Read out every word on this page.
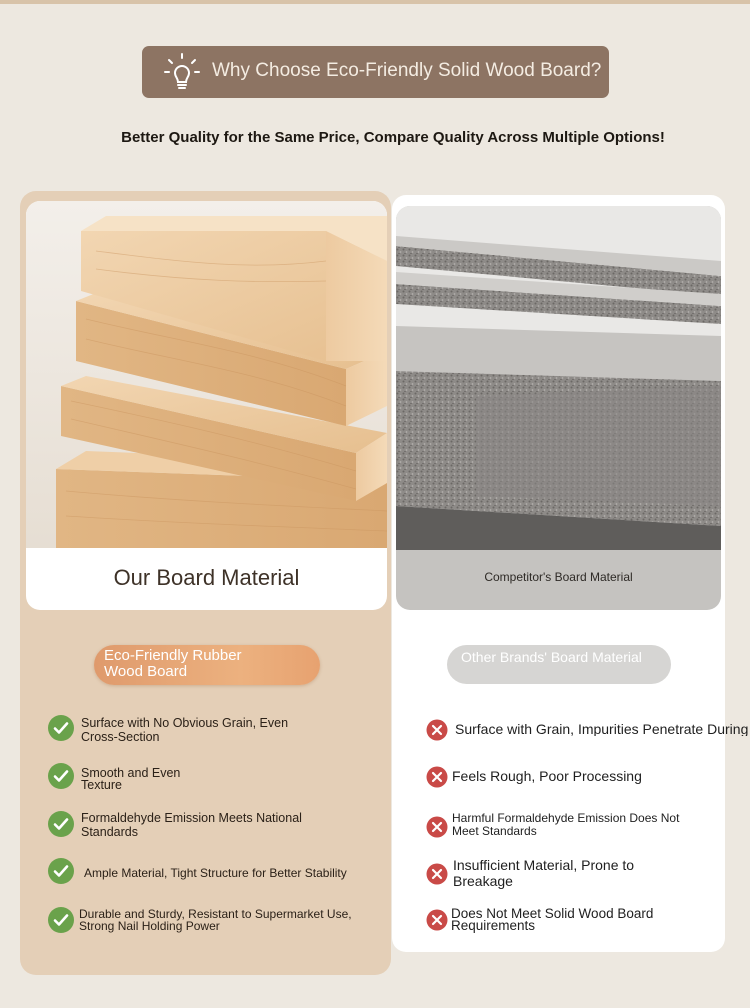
Why Choose Eco-Friendly Solid Wood Board?
Better Quality for the Same Price, Compare Quality Across Multiple Options!
Our Board Material	Competitor's Board Material
Eco-Friendly Rubber Wood Board
Other Brands' Board Material
Surface with No Obvious Grain, Even Cross-Section
Smooth and Even Texture
Formaldehyde Emission Meets National Standards
Ample Material, Tight Structure for Better Stability
Durable and Sturdy, Resistant to Supermarket Use, Strong Nail Holding Power
Surface with Grain, Impurities Penetrate During
Feels Rough, Poor Processing
Harmful Formaldehyde Emission Does Not Meet Standards
Insufficient Material, Prone to Breakage
Does Not Meet Solid Wood Board Requirements
